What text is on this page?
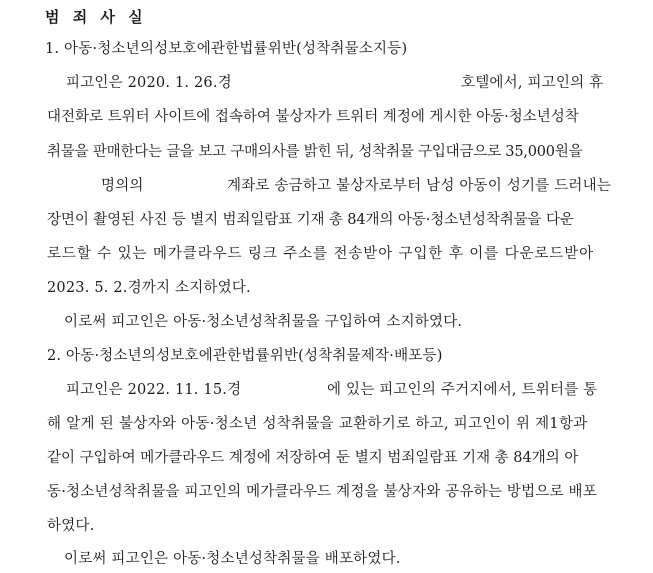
범 죄 사 실
1. 아동·청소년의성보호에관한법률위반(성착취물소지등)
피고인은 2020. 1. 26.경	호텔에서, 피고인의 휴
대전화로 트위터 사이트에 접속하여 불상자가 트위터 계정에 게시한 아동·청소년성착
취물을 판매한다는 글을 보고 구매의사를 밝힌 뒤, 성착취물 구입대금으로 35,000원을
명의의	계좌로 송금하고 불상자로부터 남성 아동이 성기를 드러내는
장면이 촬영된 사진 등 별지 범죄일람표 기재 총 84개의 아동·청소년성착취물을 다운
로드할 수 있는 메가클라우드 링크 주소를 전송받아 구입한 후 이를 다운로드받아
2023. 5. 2.경까지 소지하였다.
이로써 피고인은 아동·청소년성착취물을 구입하여 소지하였다.
2. 아동·청소년의성보호에관한법률위반(성착취물제작·배포등)
피고인은 2022. 11. 15.경	에 있는 피고인의 주거지에서, 트위터를 통
해 알게 된 불상자와 아동·청소년 성착취물을 교환하기로 하고, 피고인이 위 제1항과
같이 구입하여 메가클라우드 계정에 저장하여 둔 별지 범죄일람표 기재 총 84개의 아
동·청소년성착취물을 피고인의 메가클라우드 계정을 불상자와 공유하는 방법으로 배포
하였다.
이로써 피고인은 아동·청소년성착취물을 배포하였다.
